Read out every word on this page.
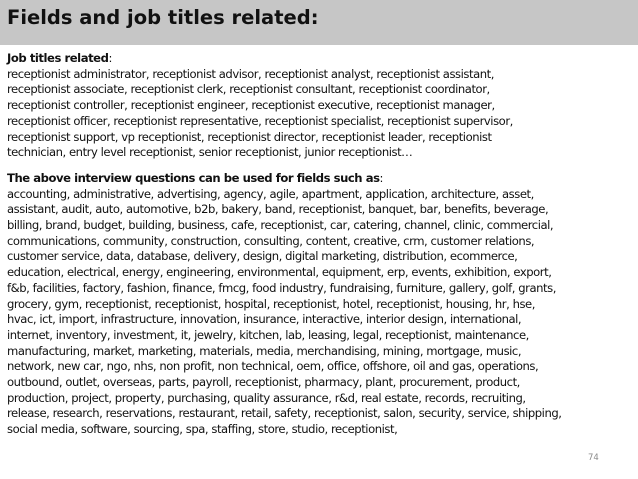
Fields and job titles related:

Job titles related:

receptionist administrator, receptionist advisor, receptionist analyst, receptionist assistant,
receptionist associate, receptionist clerk, receptionist consultant, receptionist coordinator,
receptionist controller, receptionist engineer, receptionist executive, receptionist manager,
receptionist officer, receptionist representative, receptionist specialist, receptionist supervisor,
receptionist support, vp receptionist, receptionist director, receptionist leader, receptionist
technician, entry level receptionist, senior receptionist, junior receptionist…

The above interview questions can be used for fields such as:

accounting, administrative, advertising, agency, agile, apartment, application, architecture, asset,
assistant, audit, auto, automotive, b2b, bakery, band, receptionist, banquet, bar, benefits, beverage,
billing, brand, budget, building, business, cafe, receptionist, car, catering, channel, clinic, commercial,
communications, community, construction, consulting, content, creative, crm, customer relations,
customer service, data, database, delivery, design, digital marketing, distribution, ecommerce,
education, electrical, energy, engineering, environmental, equipment, erp, events, exhibition, export,
f&b, facilities, factory, fashion, finance, fmcg, food industry, fundraising, furniture, gallery, golf, grants,
grocery, gym, receptionist, receptionist, hospital, receptionist, hotel, receptionist, housing, hr, hse,
hvac, ict, import, infrastructure, innovation, insurance, interactive, interior design, international,
internet, inventory, investment, it, jewelry, kitchen, lab, leasing, legal, receptionist, maintenance,
manufacturing, market, marketing, materials, media, merchandising, mining, mortgage, music,
network, new car, ngo, nhs, non profit, non technical, oem, office, offshore, oil and gas, operations,
outbound, outlet, overseas, parts, payroll, receptionist, pharmacy, plant, procurement, product,
production, project, property, purchasing, quality assurance, r&d, real estate, records, recruiting,
release, research, reservations, restaurant, retail, safety, receptionist, salon, security, service, shipping,
social media, software, sourcing, spa, staffing, store, studio, receptionist,
74
